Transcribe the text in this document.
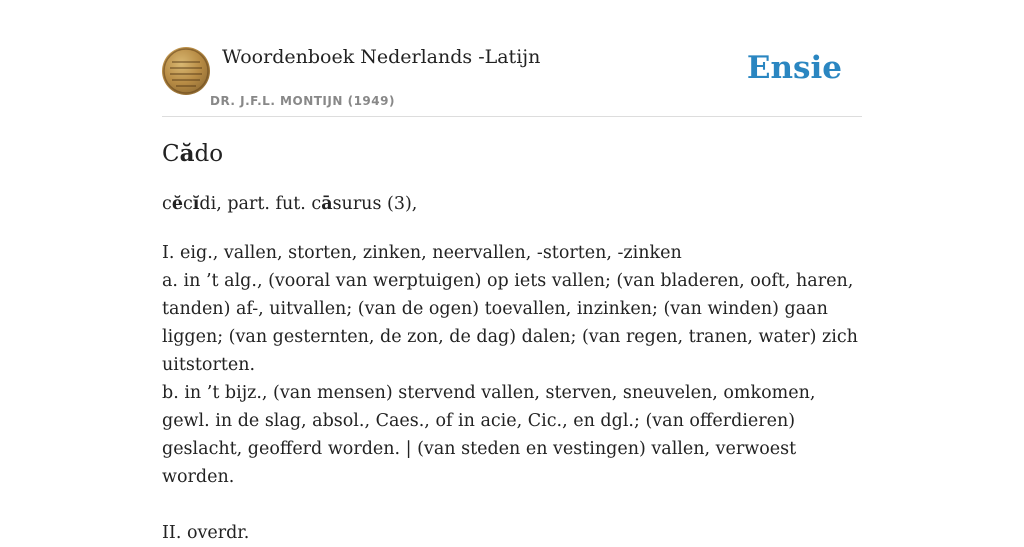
Woordenboek Nederlands -Latijn
DR. J.F.L. MONTIJN (1949)
Ensie
Cădo
cĕcĭdi, part. fut. cāsurus (3),

I. eig., vallen, storten, zinken, neervallen, -storten, -zinken

a. in ’t alg., (vooral van werptuigen) op iets vallen; (van bladeren, ooft, haren, tanden) af-, uitvallen; (van de ogen) toevallen, inzinken; (van winden) gaan liggen; (van gesternten, de zon, de dag) dalen; (van regen, tranen, water) zich uitstorten.

b. in ’t bijz., (van mensen) stervend vallen, sterven, sneuvelen, omkomen, gewl. in de slag, absol., Caes., of in acie, Cic., en dgl.; (van offerdieren) geslacht, geofferd worden. | (van steden en vestingen) vallen, verwoest worden.

II. overdr.
